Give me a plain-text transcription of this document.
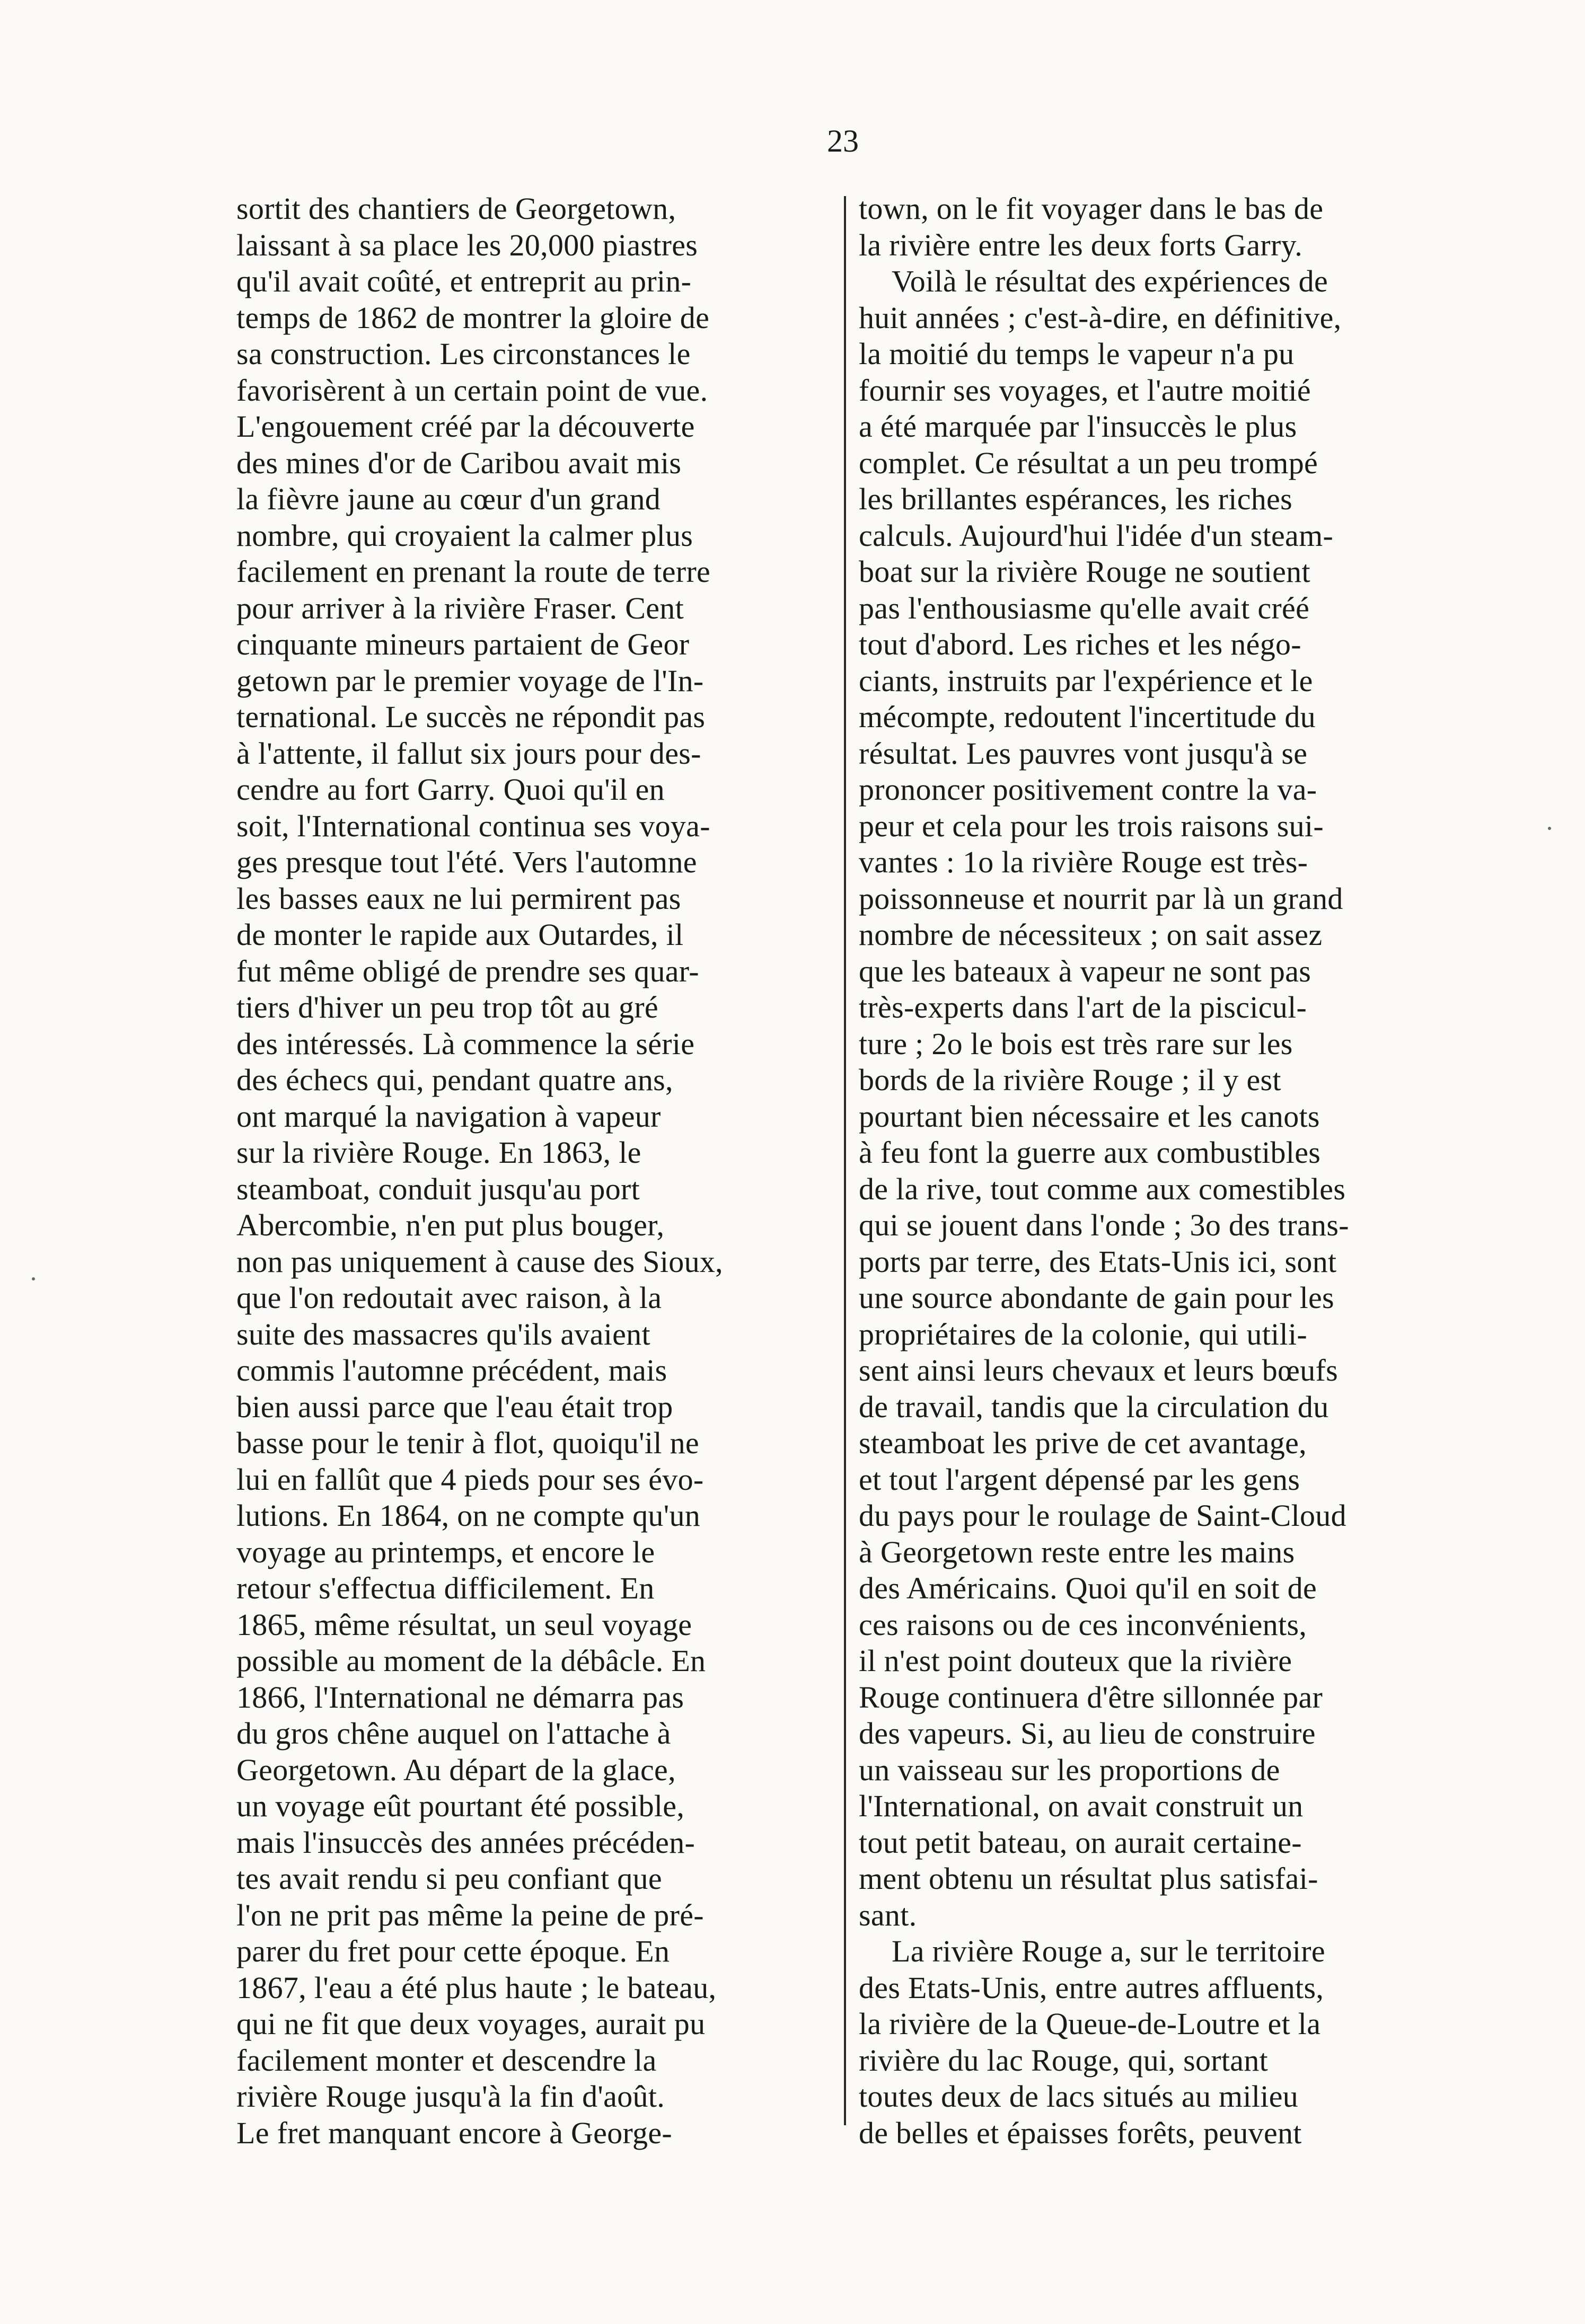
23
sortit des chantiers de Georgetown,
laissant à sa place les 20,000 piastres
qu'il avait coûté, et entreprit au prin-
temps de 1862 de montrer la gloire de
sa construction. Les circonstances le
favorisèrent à un certain point de vue.
L'engouement créé par la découverte
des mines d'or de Caribou avait mis
la fièvre jaune au cœur d'un grand
nombre, qui croyaient la calmer plus
facilement en prenant la route de terre
pour arriver à la rivière Fraser. Cent
cinquante mineurs partaient de Geor
getown par le premier voyage de l'In-
ternational. Le succès ne répondit pas
à l'attente, il fallut six jours pour des-
cendre au fort Garry. Quoi qu'il en
soit, l'International continua ses voya-
ges presque tout l'été. Vers l'automne
les basses eaux ne lui permirent pas
de monter le rapide aux Outardes, il
fut même obligé de prendre ses quar-
tiers d'hiver un peu trop tôt au gré
des intéressés. Là commence la série
des échecs qui, pendant quatre ans,
ont marqué la navigation à vapeur
sur la rivière Rouge. En 1863, le
steamboat, conduit jusqu'au port
Abercombie, n'en put plus bouger,
non pas uniquement à cause des Sioux,
que l'on redoutait avec raison, à la
suite des massacres qu'ils avaient
commis l'automne précédent, mais
bien aussi parce que l'eau était trop
basse pour le tenir à flot, quoiqu'il ne
lui en fallût que 4 pieds pour ses évo-
lutions. En 1864, on ne compte qu'un
voyage au printemps, et encore le
retour s'effectua difficilement. En
1865, même résultat, un seul voyage
possible au moment de la débâcle. En
1866, l'International ne démarra pas
du gros chêne auquel on l'attache à
Georgetown. Au départ de la glace,
un voyage eût pourtant été possible,
mais l'insuccès des années précéden-
tes avait rendu si peu confiant que
l'on ne prit pas même la peine de pré-
parer du fret pour cette époque. En
1867, l'eau a été plus haute ; le bateau,
qui ne fit que deux voyages, aurait pu
facilement monter et descendre la
rivière Rouge jusqu'à la fin d'août.
Le fret manquant encore à George-
town, on le fit voyager dans le bas de
la rivière entre les deux forts Garry.
Voilà le résultat des expériences de
huit années ; c'est-à-dire, en définitive,
la moitié du temps le vapeur n'a pu
fournir ses voyages, et l'autre moitié
a été marquée par l'insuccès le plus
complet. Ce résultat a un peu trompé
les brillantes espérances, les riches
calculs. Aujourd'hui l'idée d'un steam-
boat sur la rivière Rouge ne soutient
pas l'enthousiasme qu'elle avait créé
tout d'abord. Les riches et les négo-
ciants, instruits par l'expérience et le
mécompte, redoutent l'incertitude du
résultat. Les pauvres vont jusqu'à se
prononcer positivement contre la va-
peur et cela pour les trois raisons sui-
vantes : 1o la rivière Rouge est très-
poissonneuse et nourrit par là un grand
nombre de nécessiteux ; on sait assez
que les bateaux à vapeur ne sont pas
très-experts dans l'art de la piscicul-
ture ; 2o le bois est très rare sur les
bords de la rivière Rouge ; il y est
pourtant bien nécessaire et les canots
à feu font la guerre aux combustibles
de la rive, tout comme aux comestibles
qui se jouent dans l'onde ; 3o des trans-
ports par terre, des Etats-Unis ici, sont
une source abondante de gain pour les
propriétaires de la colonie, qui utili-
sent ainsi leurs chevaux et leurs bœufs
de travail, tandis que la circulation du
steamboat les prive de cet avantage,
et tout l'argent dépensé par les gens
du pays pour le roulage de Saint-Cloud
à Georgetown reste entre les mains
des Américains. Quoi qu'il en soit de
ces raisons ou de ces inconvénients,
il n'est point douteux que la rivière
Rouge continuera d'être sillonnée par
des vapeurs. Si, au lieu de construire
un vaisseau sur les proportions de
l'International, on avait construit un
tout petit bateau, on aurait certaine-
ment obtenu un résultat plus satisfai-
sant.
La rivière Rouge a, sur le territoire
des Etats-Unis, entre autres affluents,
la rivière de la Queue-de-Loutre et la
rivière du lac Rouge, qui, sortant
toutes deux de lacs situés au milieu
de belles et épaisses forêts, peuvent
